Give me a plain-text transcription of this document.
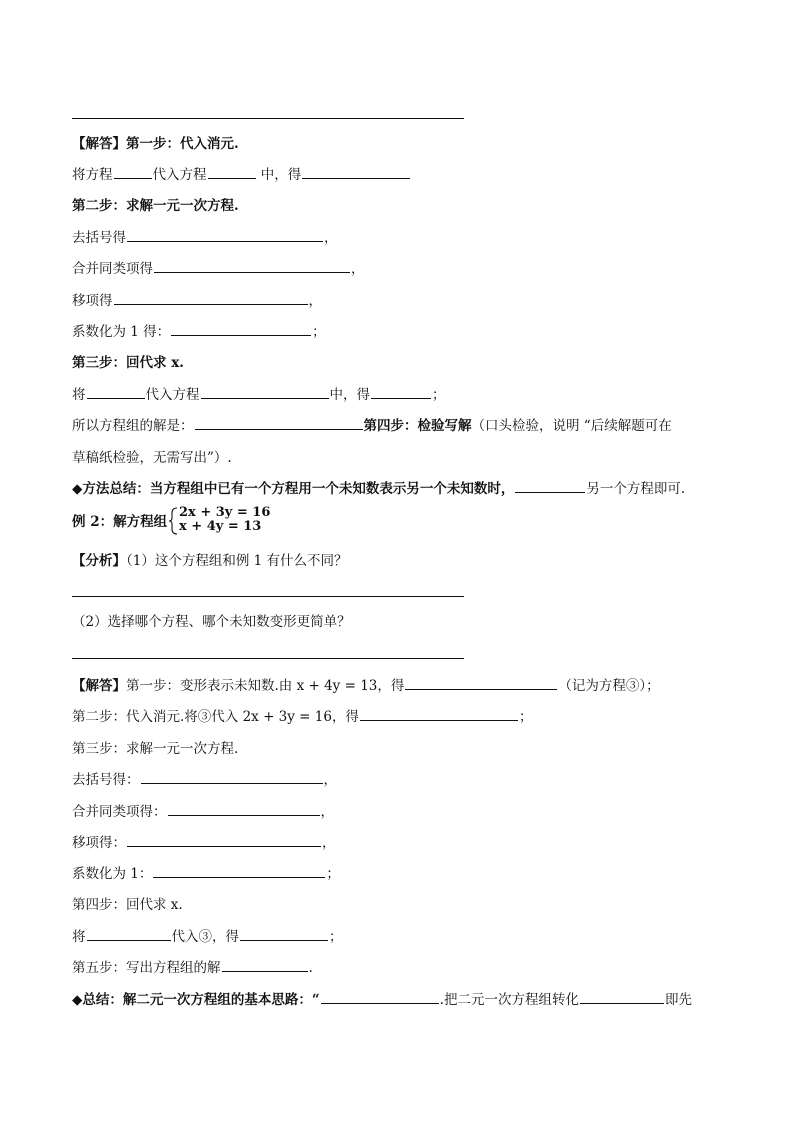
【解答】第一步：代入消元.
将方程	代入方程	中，得
第二步：求解一元一次方程.
去括号得	，
合并同类项得	，
移项得	，
系数化为 1 得：	；
第三步：回代求 x.
将	代入方程	中，得	；
所以方程组的解是：	第四步：检验写解（口头检验，说明 “后续解题可在
草稿纸检验，无需写出”）.
◆方法总结：当方程组中已有一个方程用一个未知数表示另一个未知数时，	另一个方程即可.
例 2：解方程组
2x + 3y = 16
x + 4y = 13
【分析】（1）这个方程组和例 1 有什么不同？
（2）选择哪个方程、哪个未知数变形更简单？
【解答】第一步：变形表示未知数.由 x + 4y = 13，得	（记为方程③）；
第二步：代入消元.将③代入 2x + 3y = 16，得	；
第三步：求解一元一次方程.
去括号得：	，
合并同类项得：	，
移项得：	，
系数化为 1：	；
第四步：回代求 x.
将	代入③，得	；
第五步：写出方程组的解	.
◆总结：解二元一次方程组的基本思路：“	.把二元一次方程组转化	即先
